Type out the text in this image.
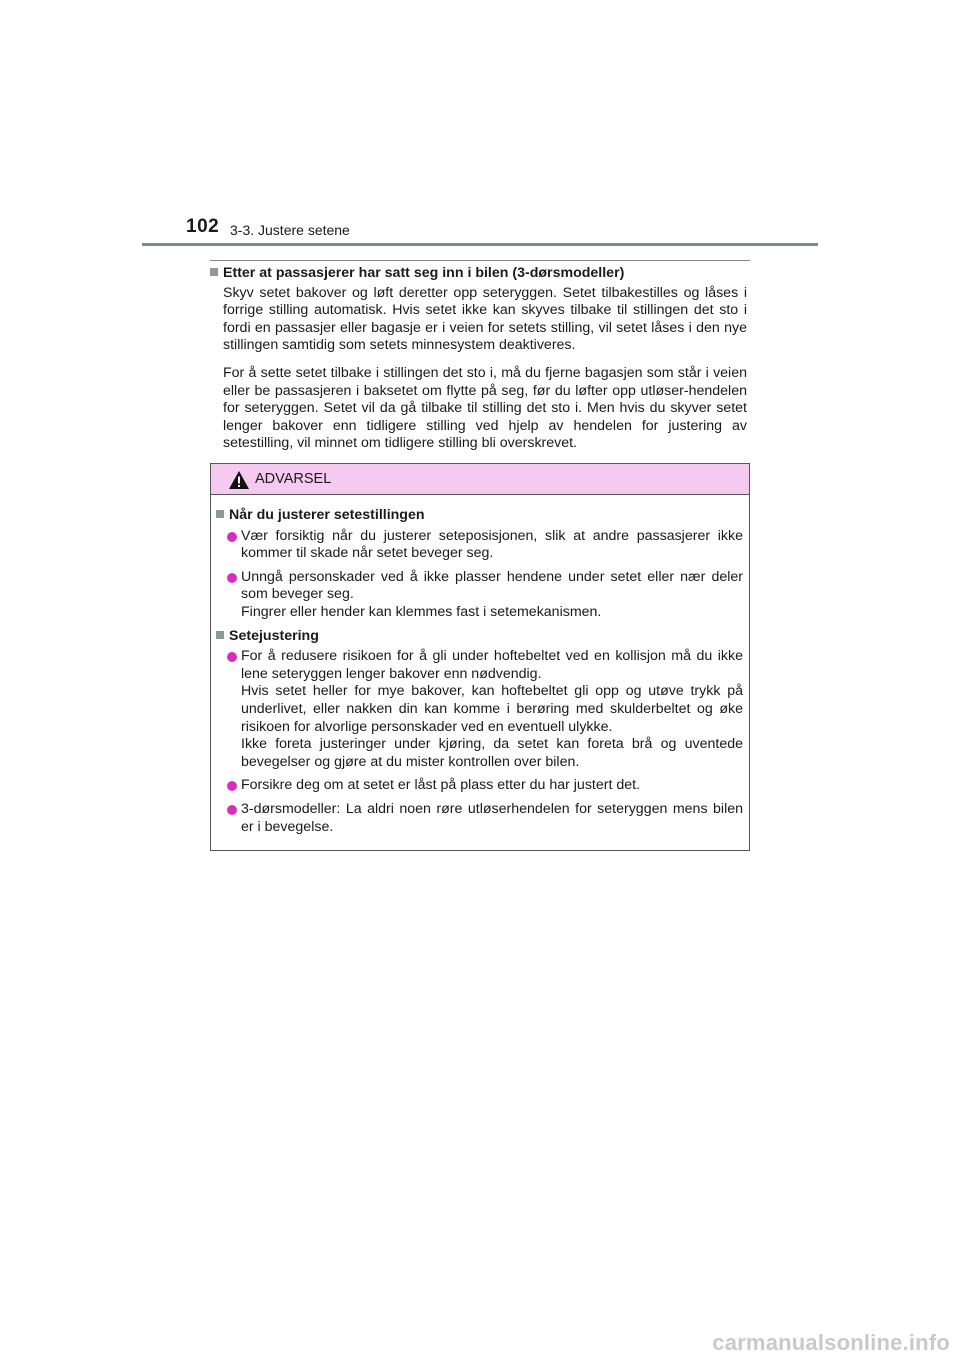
102 3-3. Justere setene
Etter at passasjerer har satt seg inn i bilen (3-dørsmodeller)

Skyv setet bakover og løft deretter opp seteryggen. Setet tilbakestilles og låses i forrige stilling automatisk. Hvis setet ikke kan skyves tilbake til stillingen det sto i fordi en passasjer eller bagasje er i veien for setets stilling, vil setet låses i den nye stillingen samtidig som setets minnesystem deaktiveres.

For å sette setet tilbake i stillingen det sto i, må du fjerne bagasjen som står i veien eller be passasjeren i baksetet om flytte på seg, før du løfter opp utløser-hendelen for seteryggen. Setet vil da gå tilbake til stilling det sto i. Men hvis du skyver setet lenger bakover enn tidligere stilling ved hjelp av hendelen for justering av setestilling, vil minnet om tidligere stilling bli overskrevet.

ADVARSEL
Når du justerer setestillingen
Vær forsiktig når du justerer seteposisjonen, slik at andre passasjerer ikke kommer til skade når setet beveger seg.
Unngå personskader ved å ikke plasser hendene under setet eller nær deler som beveger seg.
Fingrer eller hender kan klemmes fast i setemekanismen.
Setejustering
For å redusere risikoen for å gli under hoftebeltet ved en kollisjon må du ikke lene seteryggen lenger bakover enn nødvendig.
Hvis setet heller for mye bakover, kan hoftebeltet gli opp og utøve trykk på underlivet, eller nakken din kan komme i berøring med skulderbeltet og øke risikoen for alvorlige personskader ved en eventuell ulykke.
Ikke foreta justeringer under kjøring, da setet kan foreta brå og uventede bevegelser og gjøre at du mister kontrollen over bilen.
Forsikre deg om at setet er låst på plass etter du har justert det.
3-dørsmodeller: La aldri noen røre utløserhendelen for seteryggen mens bilen er i bevegelse.
carmanualsonline.info
